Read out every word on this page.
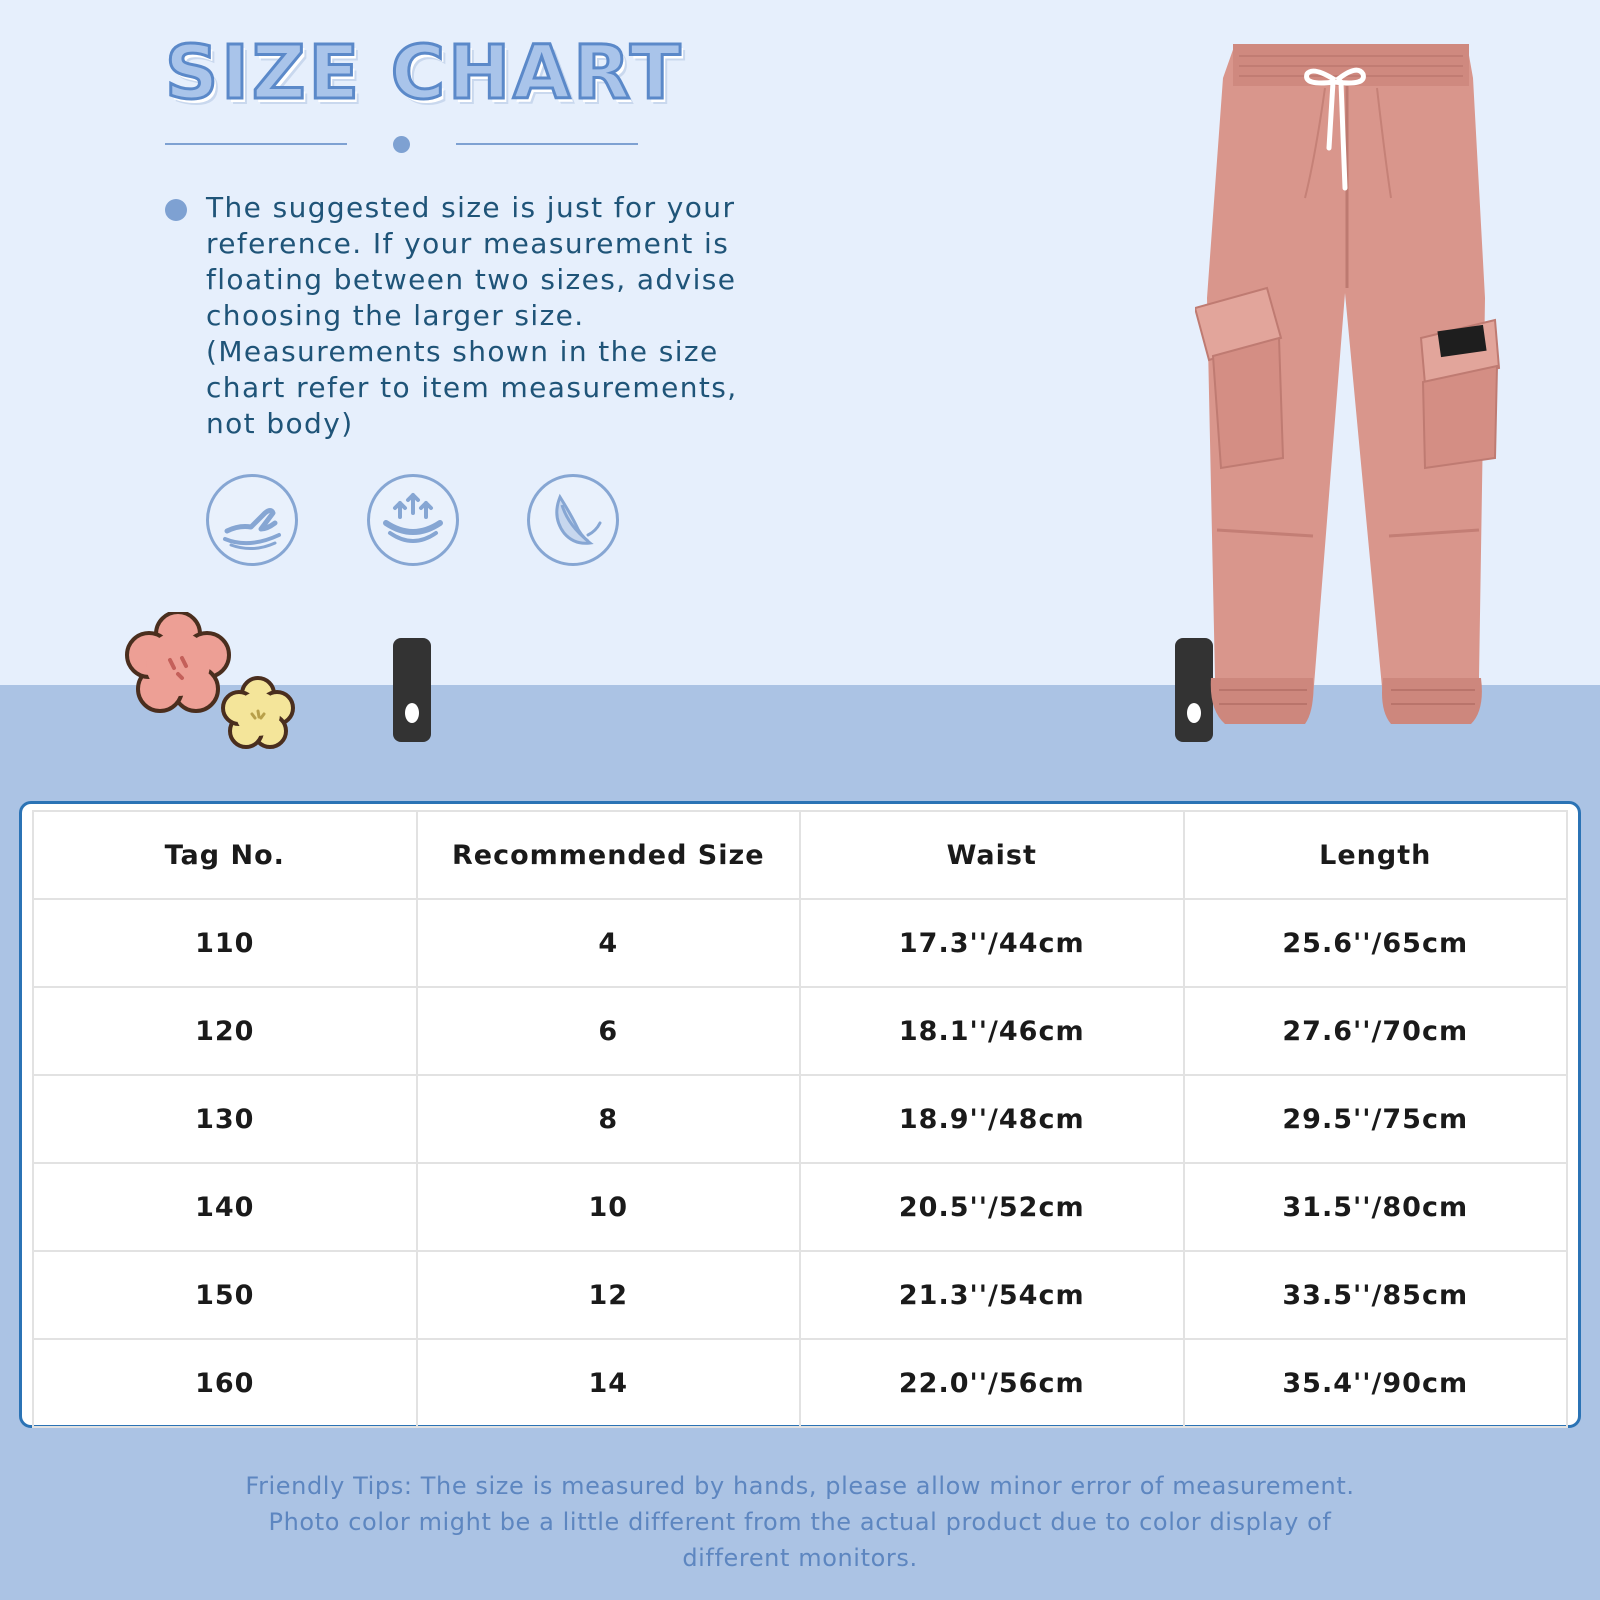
SIZE CHART

The suggested size is just for your
reference. If your measurement is
floating between two sizes, advise
choosing the larger size.
(Measurements shown in the size
chart refer to item measurements,
not body)

Tag No.	Recommended Size	Waist	Length
110	4	17.3''/44cm	25.6''/65cm
120	6	18.1''/46cm	27.6''/70cm
130	8	18.9''/48cm	29.5''/75cm
140	10	20.5''/52cm	31.5''/80cm
150	12	21.3''/54cm	33.5''/85cm
160	14	22.0''/56cm	35.4''/90cm

Friendly Tips: The size is measured by hands, please allow minor error of measurement.
Photo color might be a little different from the actual product due to color display of
different monitors.
